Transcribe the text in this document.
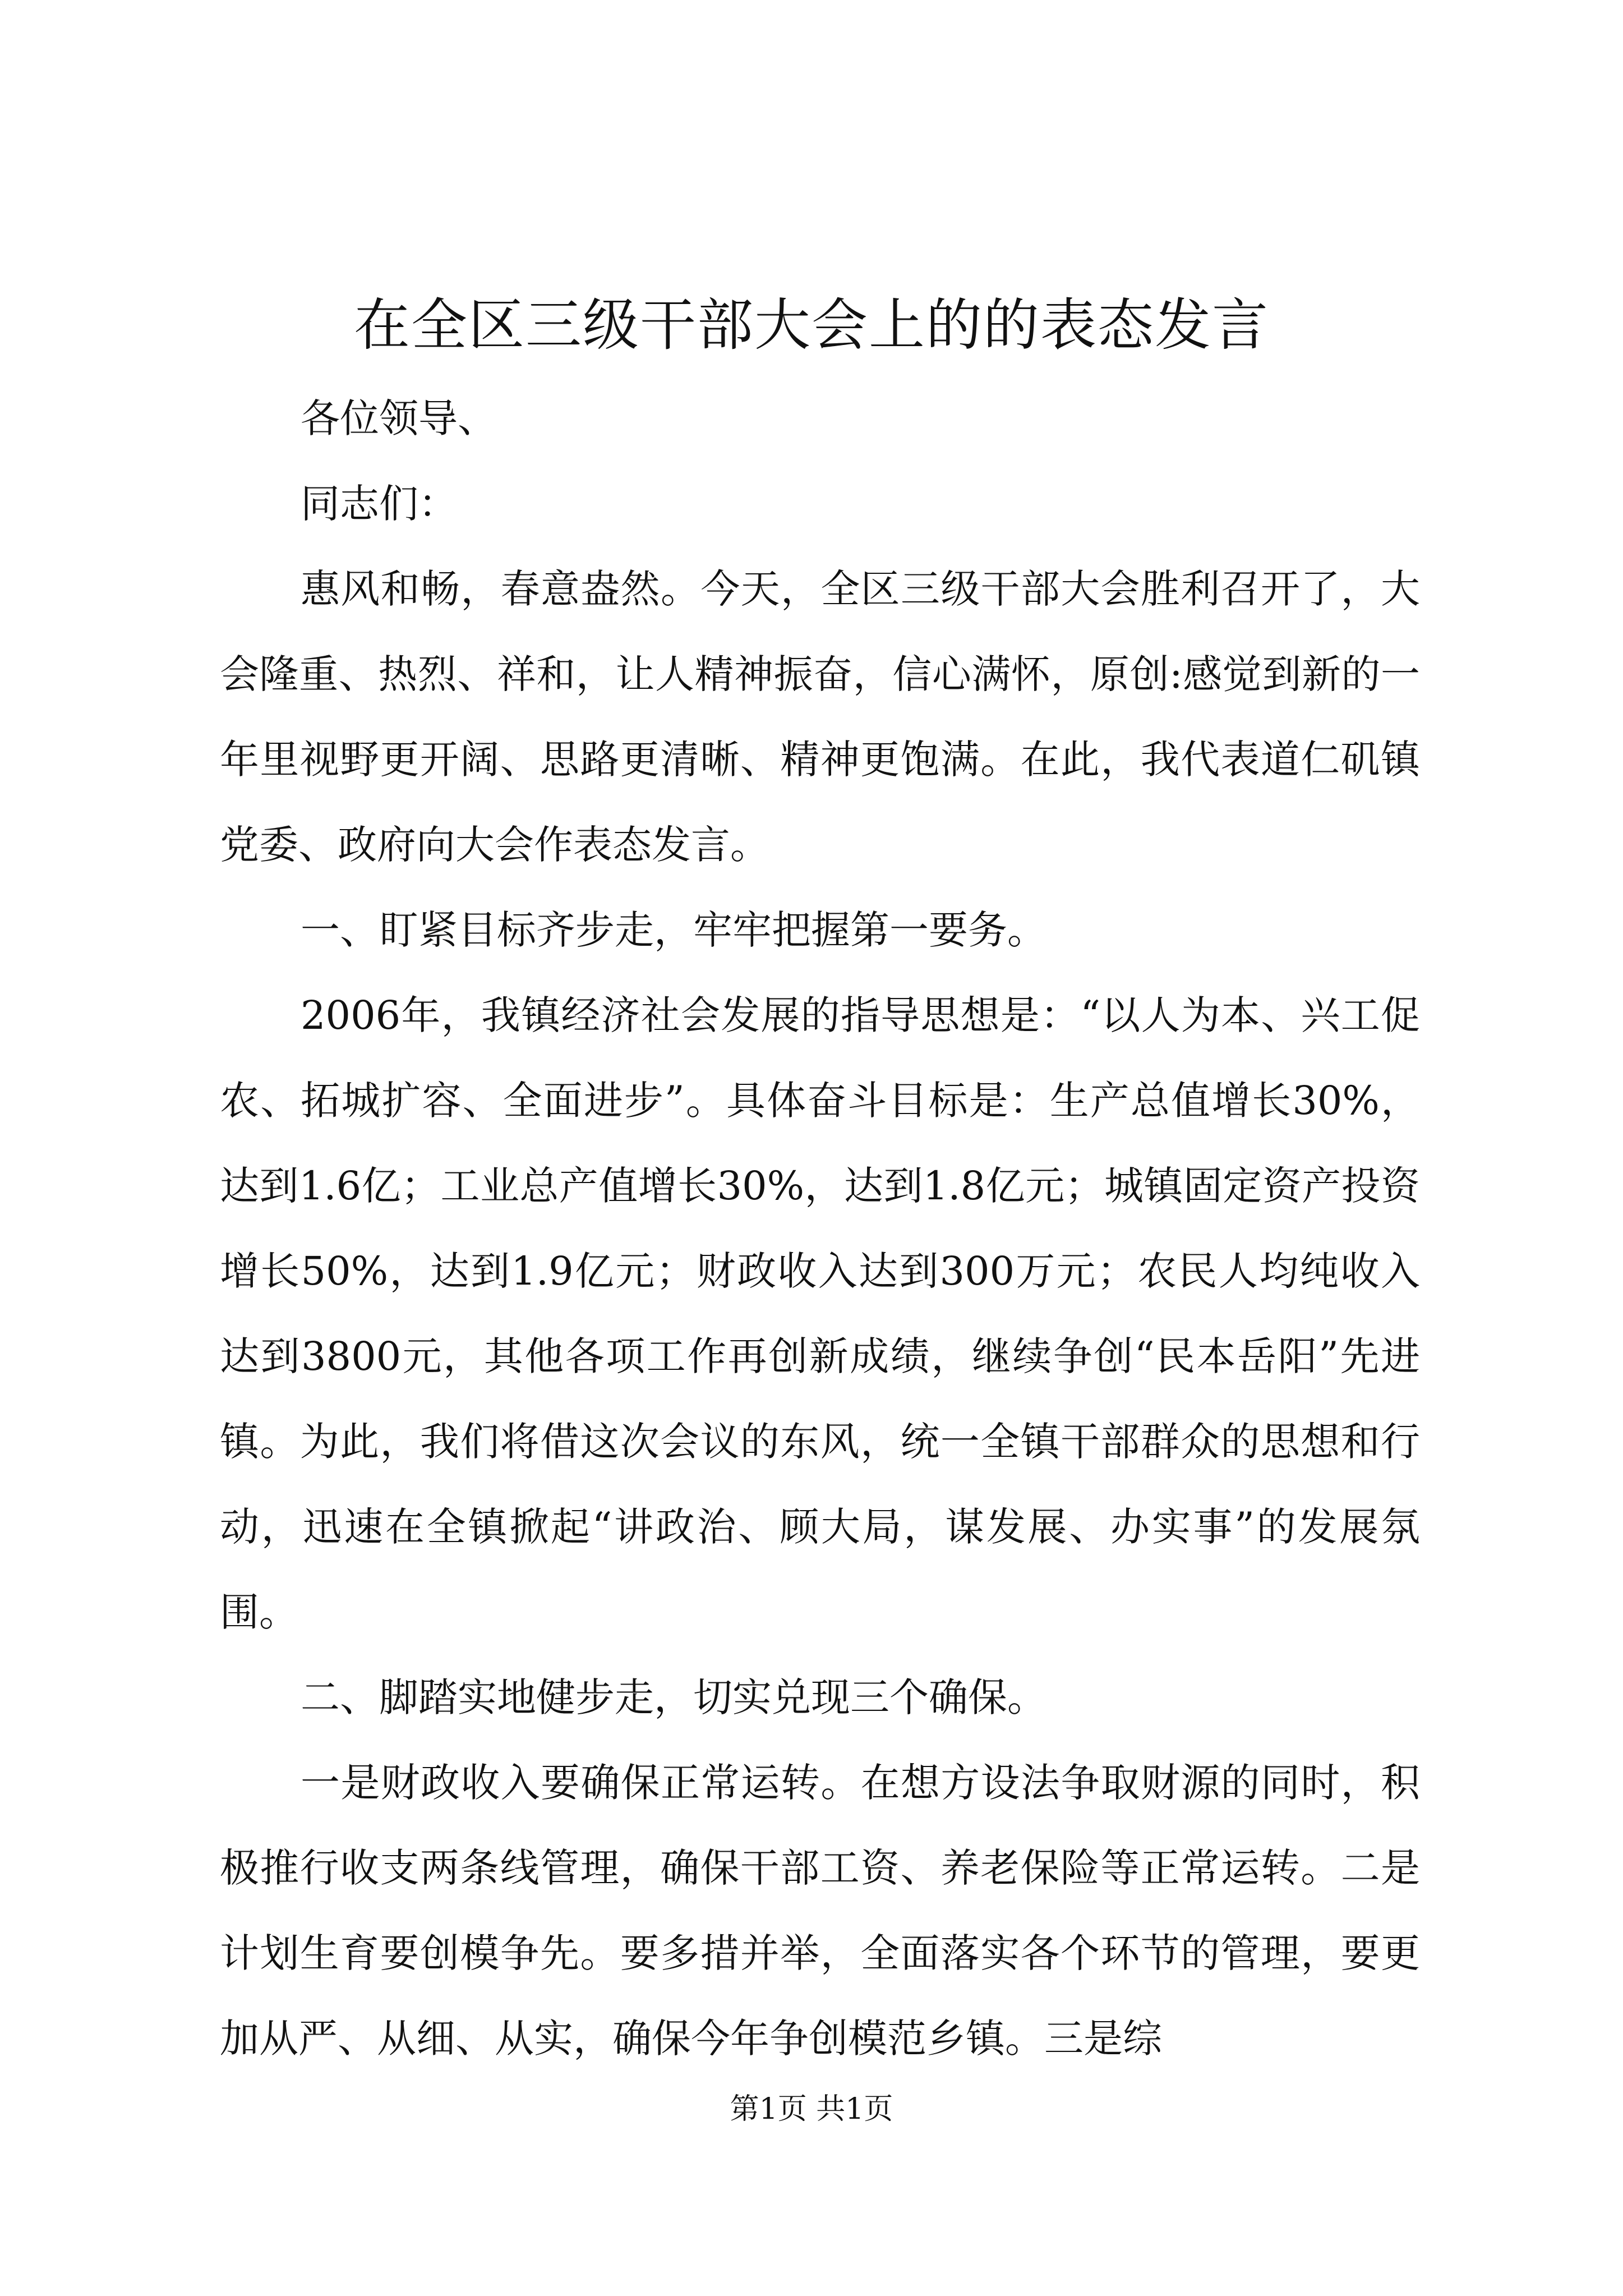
在全区三级干部大会上的的表态发言

各位领导、

同志们：

惠风和畅，春意盎然。今天，全区三级干部大会胜利召开了，大会隆重、热烈、祥和，让人精神振奋，信心满怀，原创:感觉到新的一年里视野更开阔、思路更清晰、精神更饱满。在此，我代表道仁矶镇党委、政府向大会作表态发言。

一、盯紧目标齐步走，牢牢把握第一要务。

2006年，我镇经济社会发展的指导思想是：“以人为本、兴工促农、拓城扩容、全面进步”。具体奋斗目标是：生产总值增长30%，达到1.6亿；工业总产值增长30%，达到1.8亿元；城镇固定资产投资增长50%，达到1.9亿元；财政收入达到300万元；农民人均纯收入达到3800元，其他各项工作再创新成绩，继续争创“民本岳阳”先进镇。为此，我们将借这次会议的东风，统一全镇干部群众的思想和行动，迅速在全镇掀起“讲政治、顾大局，谋发展、办实事”的发展氛围。

二、脚踏实地健步走，切实兑现三个确保。

一是财政收入要确保正常运转。在想方设法争取财源的同时，积极推行收支两条线管理，确保干部工资、养老保险等正常运转。二是计划生育要创模争先。要多措并举，全面落实各个环节的管理，要更加从严、从细、从实，确保今年争创模范乡镇。三是综

第1页 共1页
